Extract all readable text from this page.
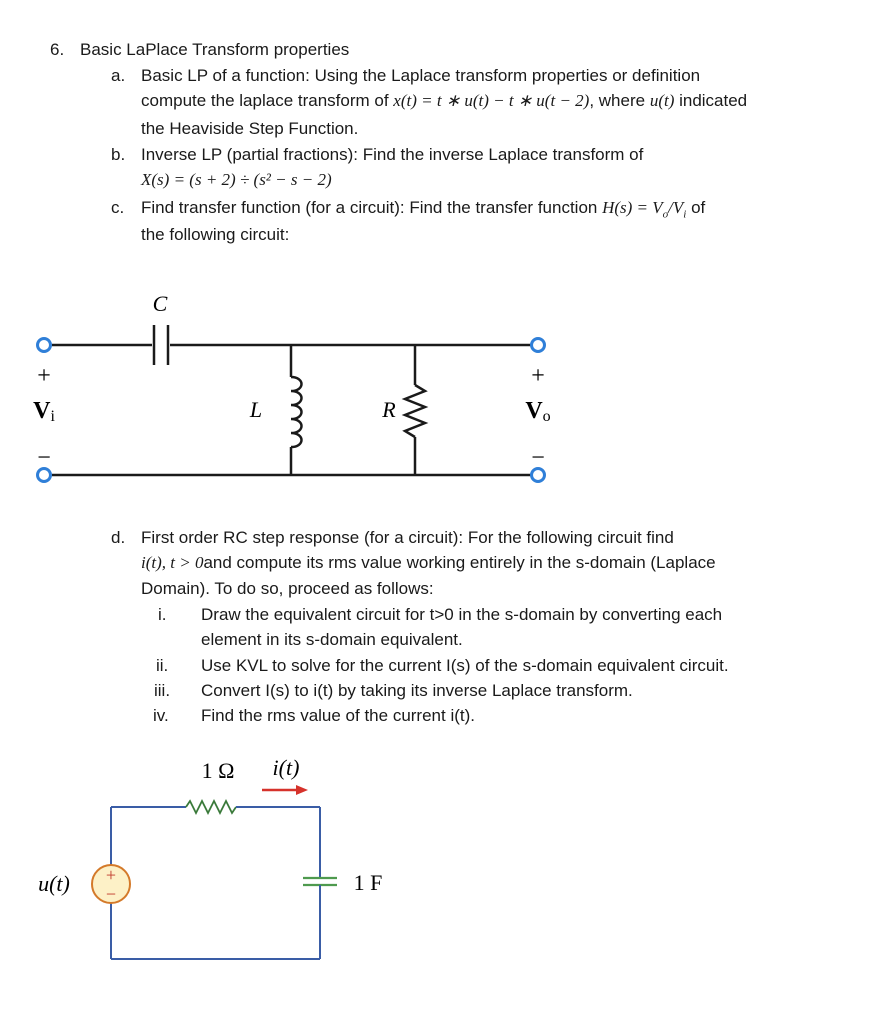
6. Basic LaPlace Transform properties
a. Basic LP of a function: Using the Laplace transform properties or definition
compute the laplace transform of x(t) = t ∗ u(t) − t ∗ u(t − 2), where u(t) indicated
the Heaviside Step Function.
b. Inverse LP (partial fractions): Find the inverse Laplace transform of
X(s) = (s + 2) ÷ (s² − s − 2)
c. Find transfer function (for a circuit): Find the transfer function $H(s) = V_o/V_i$ of
the following circuit:
C
L	R
+
Vi
−
+
Vo
−
d. First order RC step response (for a circuit): For the following circuit find
i(t), t > 0and compute its rms value working entirely in the s-domain (Laplace
Domain). To do so, proceed as follows:
i. Draw the equivalent circuit for t>0 in the s-domain by converting each
element in its s-domain equivalent.
ii. Use KVL to solve for the current I(s) of the s-domain equivalent circuit.
iii. Convert I(s) to i(t) by taking its inverse Laplace transform.
iv. Find the rms value of the current i(t).
+
−
1 Ω i(t)
u(t)	1 F
